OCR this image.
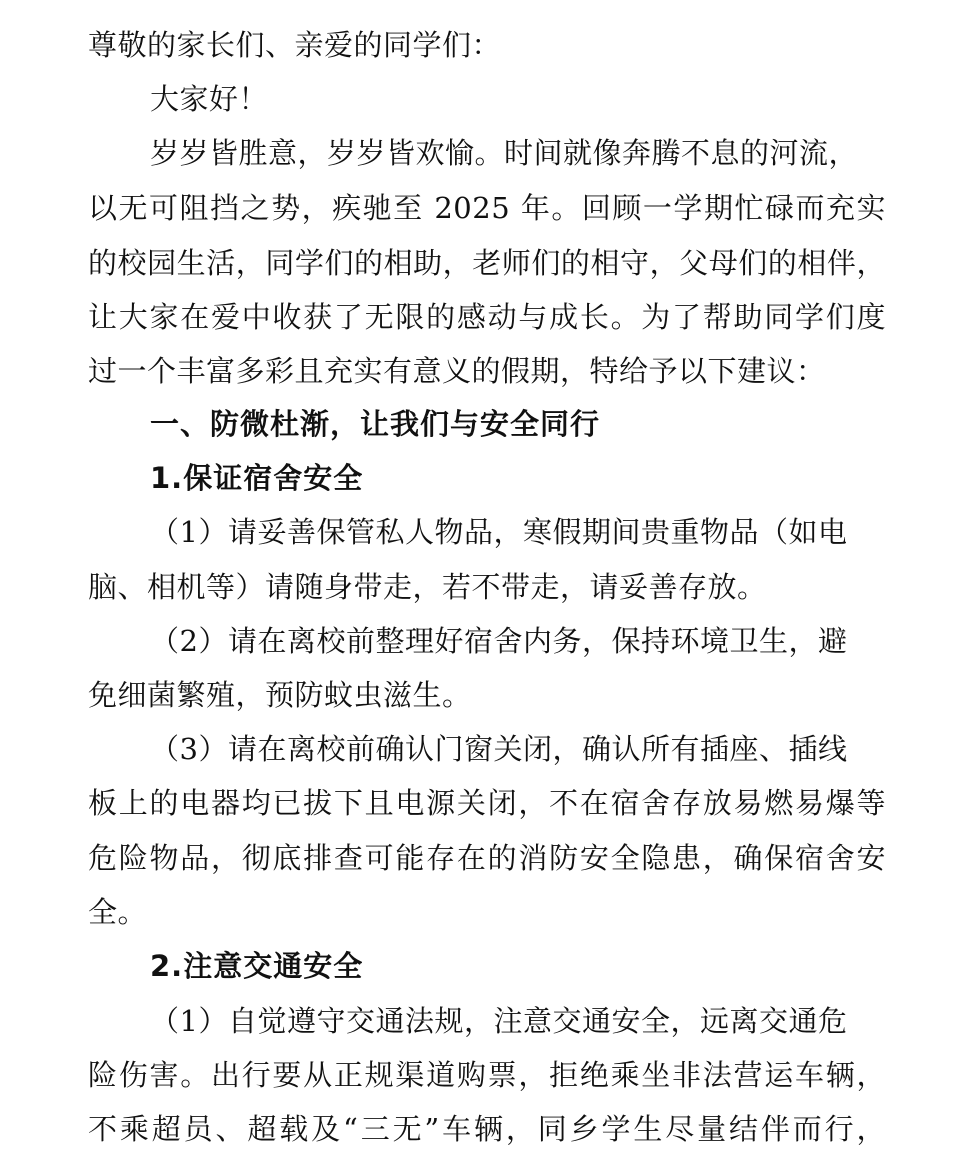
尊敬的家长们、亲爱的同学们：
大家好！
岁岁皆胜意，岁岁皆欢愉。时间就像奔腾不息的河流，
以无可阻挡之势，疾驰至 2025 年。回顾一学期忙碌而充实
的校园生活，同学们的相助，老师们的相守，父母们的相伴，
让大家在爱中收获了无限的感动与成长。为了帮助同学们度
过一个丰富多彩且充实有意义的假期，特给予以下建议：
一、防微杜渐，让我们与安全同行
1.保证宿舍安全
（1）请妥善保管私人物品，寒假期间贵重物品（如电
脑、相机等）请随身带走，若不带走，请妥善存放。
（2）请在离校前整理好宿舍内务，保持环境卫生，避
免细菌繁殖，预防蚊虫滋生。
（3）请在离校前确认门窗关闭，确认所有插座、插线
板上的电器均已拔下且电源关闭，不在宿舍存放易燃易爆等
危险物品，彻底排查可能存在的消防安全隐患，确保宿舍安
全。
2.注意交通安全
（1）自觉遵守交通法规，注意交通安全，远离交通危
险伤害。出行要从正规渠道购票，拒绝乘坐非法营运车辆，
不乘超员、超载及“三无”车辆，同乡学生尽量结伴而行，
